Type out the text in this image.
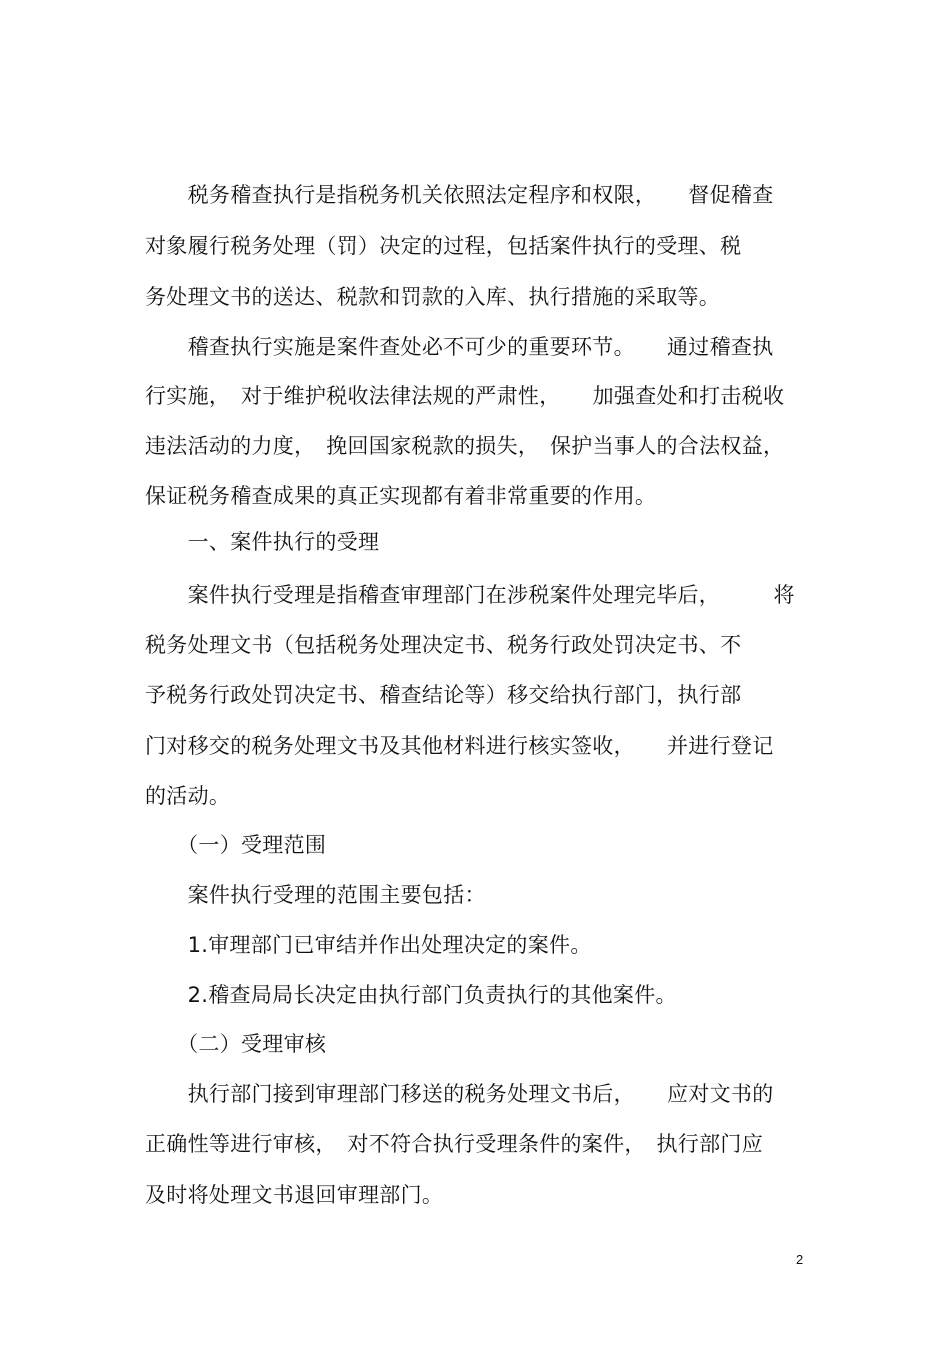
　　税务稽查执行是指税务机关依照法定程序和权限，　　督促稽查
对象履行税务处理（罚）决定的过程，包括案件执行的受理、税
务处理文书的送达、税款和罚款的入库、执行措施的采取等。
　　稽查执行实施是案件查处必不可少的重要环节。　　通过稽查执
行实施，　对于维护税收法律法规的严肃性，　　加强查处和打击税收
违法活动的力度，　挽回国家税款的损失，　保护当事人的合法权益，
保证税务稽查成果的真正实现都有着非常重要的作用。
　　一、案件执行的受理
　　案件执行受理是指稽查审理部门在涉税案件处理完毕后，　　　将
税务处理文书（包括税务处理决定书、税务行政处罚决定书、不
予税务行政处罚决定书、稽查结论等）移交给执行部门，执行部
门对移交的税务处理文书及其他材料进行核实签收，　　并进行登记
的活动。
　　（一）受理范围
　　案件执行受理的范围主要包括：
　　1.审理部门已审结并作出处理决定的案件。
　　2.稽查局局长决定由执行部门负责执行的其他案件。
　　（二）受理审核
　　执行部门接到审理部门移送的税务处理文书后，　　应对文书的
正确性等进行审核，　对不符合执行受理条件的案件，　执行部门应
及时将处理文书退回审理部门。
2
